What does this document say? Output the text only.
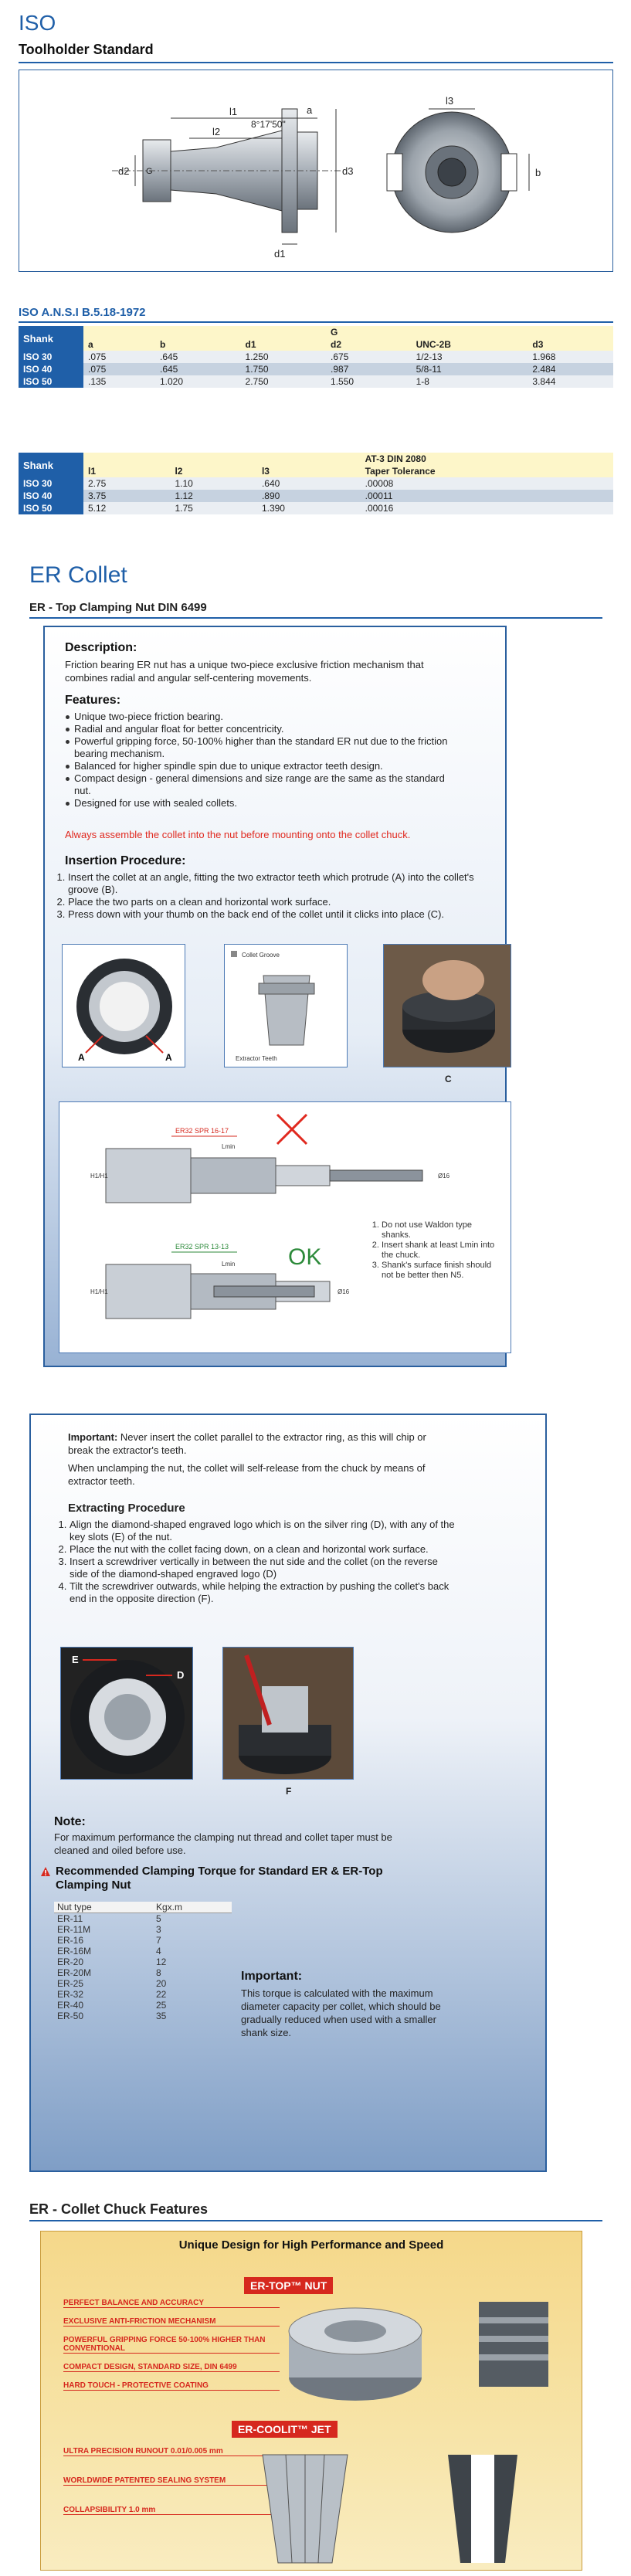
ISO
Toolholder Standard
l1
l2
8°17'50"
a
d2 G	d3
d1
l3
b
ISO A.N.S.I B.5.18-1972
Shank				G		
	a	b	d1	d2	UNC-2B	d3
ISO 30	.075	.645	1.250	.675	1/2-13	1.968
ISO 40	.075	.645	1.750	.987	5/8-11	2.484
ISO 50	.135	1.020	2.750	1.550	1-8	3.844
Shank				AT-3 DIN 2080
	l1	l2	l3	Taper Tolerance
ISO 30	2.75	1.10	.640	.00008
ISO 40	3.75	1.12	.890	.00011
ISO 50	5.12	1.75	1.390	.00016
ER Collet
ER - Top Clamping Nut DIN 6499
Description:
Friction bearing ER nut has a unique two-piece exclusive friction mechanism that combines radial and angular self-centering movements.
Features:
Unique two-piece friction bearing.
Radial and angular float for better concentricity.
Powerful gripping force, 50-100% higher than the standard ER nut due to the friction bearing mechanism.
Balanced for higher spindle spin due to unique extractor teeth design.
Compact design - general dimensions and size range are the same as the standard nut.
Designed for use with sealed collets.
Always assemble the collet into the nut before mounting onto the collet chuck.
Insertion Procedure:
1. Insert the collet at an angle, fitting the two extractor teeth which protrude (A) into the collet's groove (B).
2. Place the two parts on a clean and horizontal work surface.
3. Press down with your thumb on the back end of the collet until it clicks into place (C).
A	A
Collet Groove
Extractor Teeth
C
ER32 SPR 16-17
Lmin
H1/H1	Ø16
ER32 SPR 13-13
Lmin
H1/H1	Ø16
OK
1. Do not use Waldon type shanks.
2. Insert shank at least Lmin into the chuck.
3. Shank's surface finish should not be better then N5.
Important: Never insert the collet parallel to the extractor ring, as this will chip or break the extractor's teeth.
When unclamping the nut, the collet will self-release from the chuck by means of extractor teeth.
Extracting Procedure
1. Align the diamond-shaped engraved logo which is on the silver ring (D), with any of the key slots (E) of the nut.
2. Place the nut with the collet facing down, on a clean and horizontal work surface.
3. Insert a screwdriver vertically in between the nut side and the collet (on the reverse side of the diamond-shaped engraved logo (D)
4. Tilt the screwdriver outwards, while helping the extraction by pushing the collet's back end in the opposite direction (F).
E
D
F
Note:
For maximum performance the clamping nut thread and collet taper must be cleaned and oiled before use.
Recommended Clamping Torque for Standard ER & ER-Top Clamping Nut
Nut type	Kgx.m
ER-11	5
ER-11M	3
ER-16	7
ER-16M	4
ER-20	12
ER-20M	8
ER-25	20
ER-32	22
ER-40	25
ER-50	35
Important:
This torque is calculated with the maximum diameter capacity per collet, which should be gradually reduced when used with a smaller shank size.
ER - Collet Chuck Features
Unique Design for High Performance and Speed
ER-TOP™ NUT
PERFECT BALANCE AND ACCURACY
EXCLUSIVE ANTI-FRICTION MECHANISM
POWERFUL GRIPPING FORCE 50-100% HIGHER THAN CONVENTIONAL
COMPACT DESIGN, STANDARD SIZE, DIN 6499
HARD TOUCH - PROTECTIVE COATING
ER-COOLIT™ JET
ULTRA PRECISION RUNOUT 0.01/0.005 mm
WORLDWIDE PATENTED SEALING SYSTEM
COLLAPSIBILITY 1.0 mm
